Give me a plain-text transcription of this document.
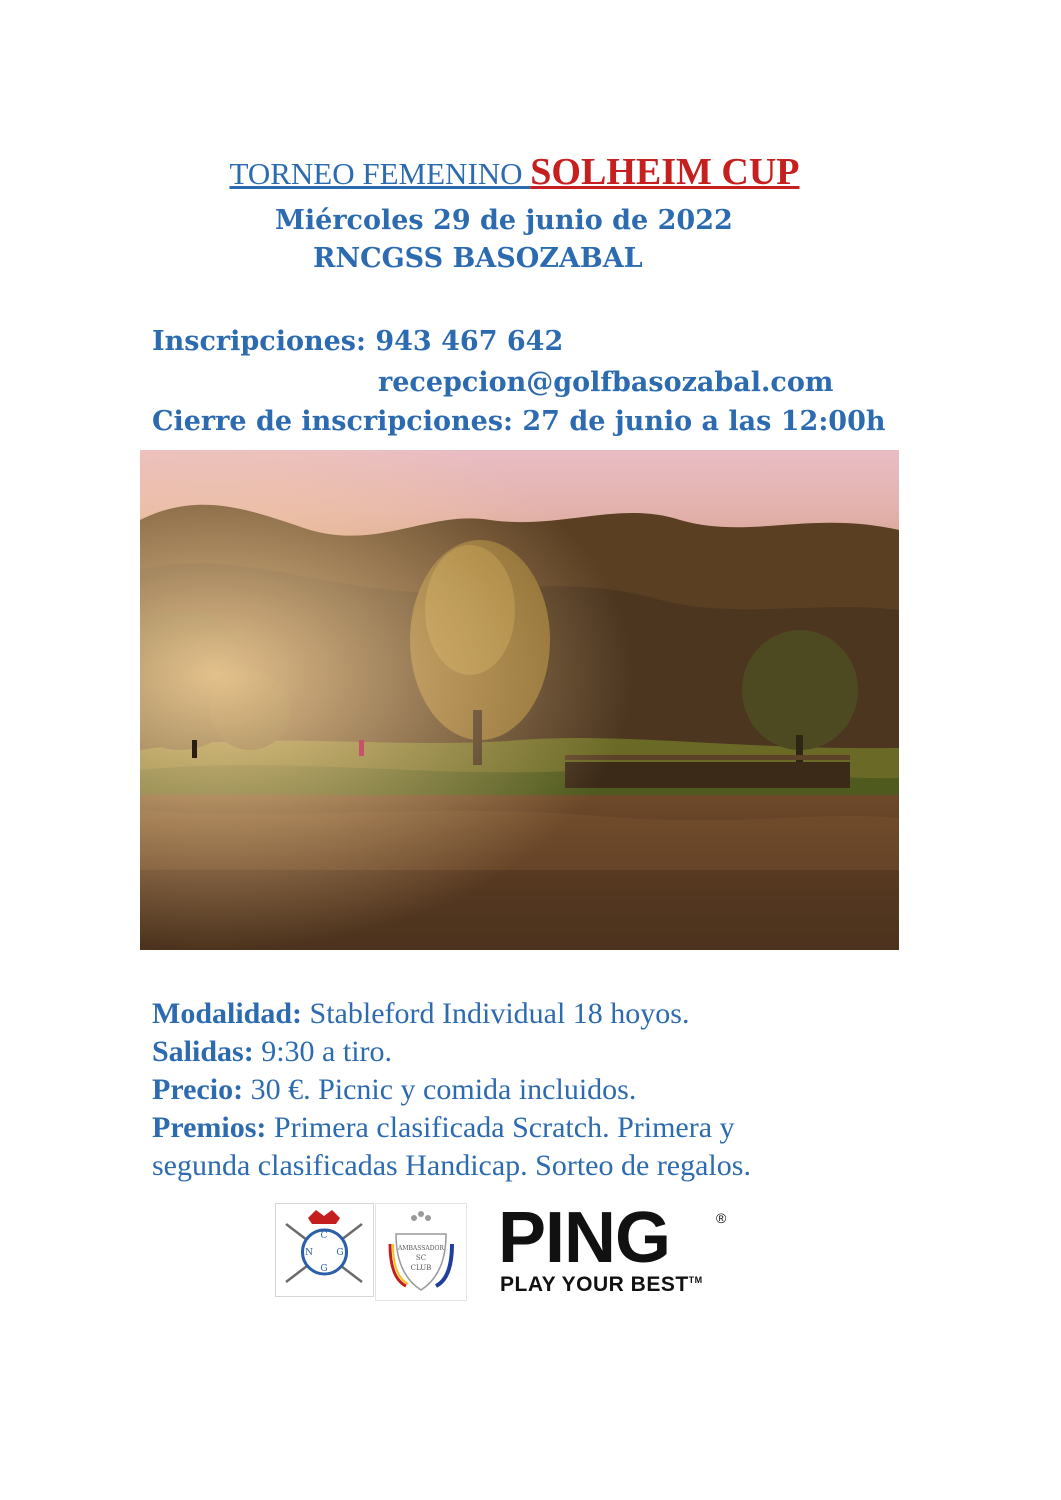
TORNEO FEMENINO SOLHEIM CUP
Miércoles 29 de junio de 2022
RNCGSS BASOZABAL
Inscripciones: 943 467 642
recepcion@golfbasozabal.com
Cierre de inscripciones: 27 de junio a las 12:00h
Modalidad: Stableford Individual 18 hoyos.
Salidas: 9:30 a tiro.
Precio: 30 €. Picnic y comida incluidos.
Premios: Primera clasificada Scratch. Primera y
segunda clasificadas Handicap. Sorteo de regalos.
C
N	G
G
AMBASSADOR
SC
CLUB PING	®
PLAY YOUR BEST™
